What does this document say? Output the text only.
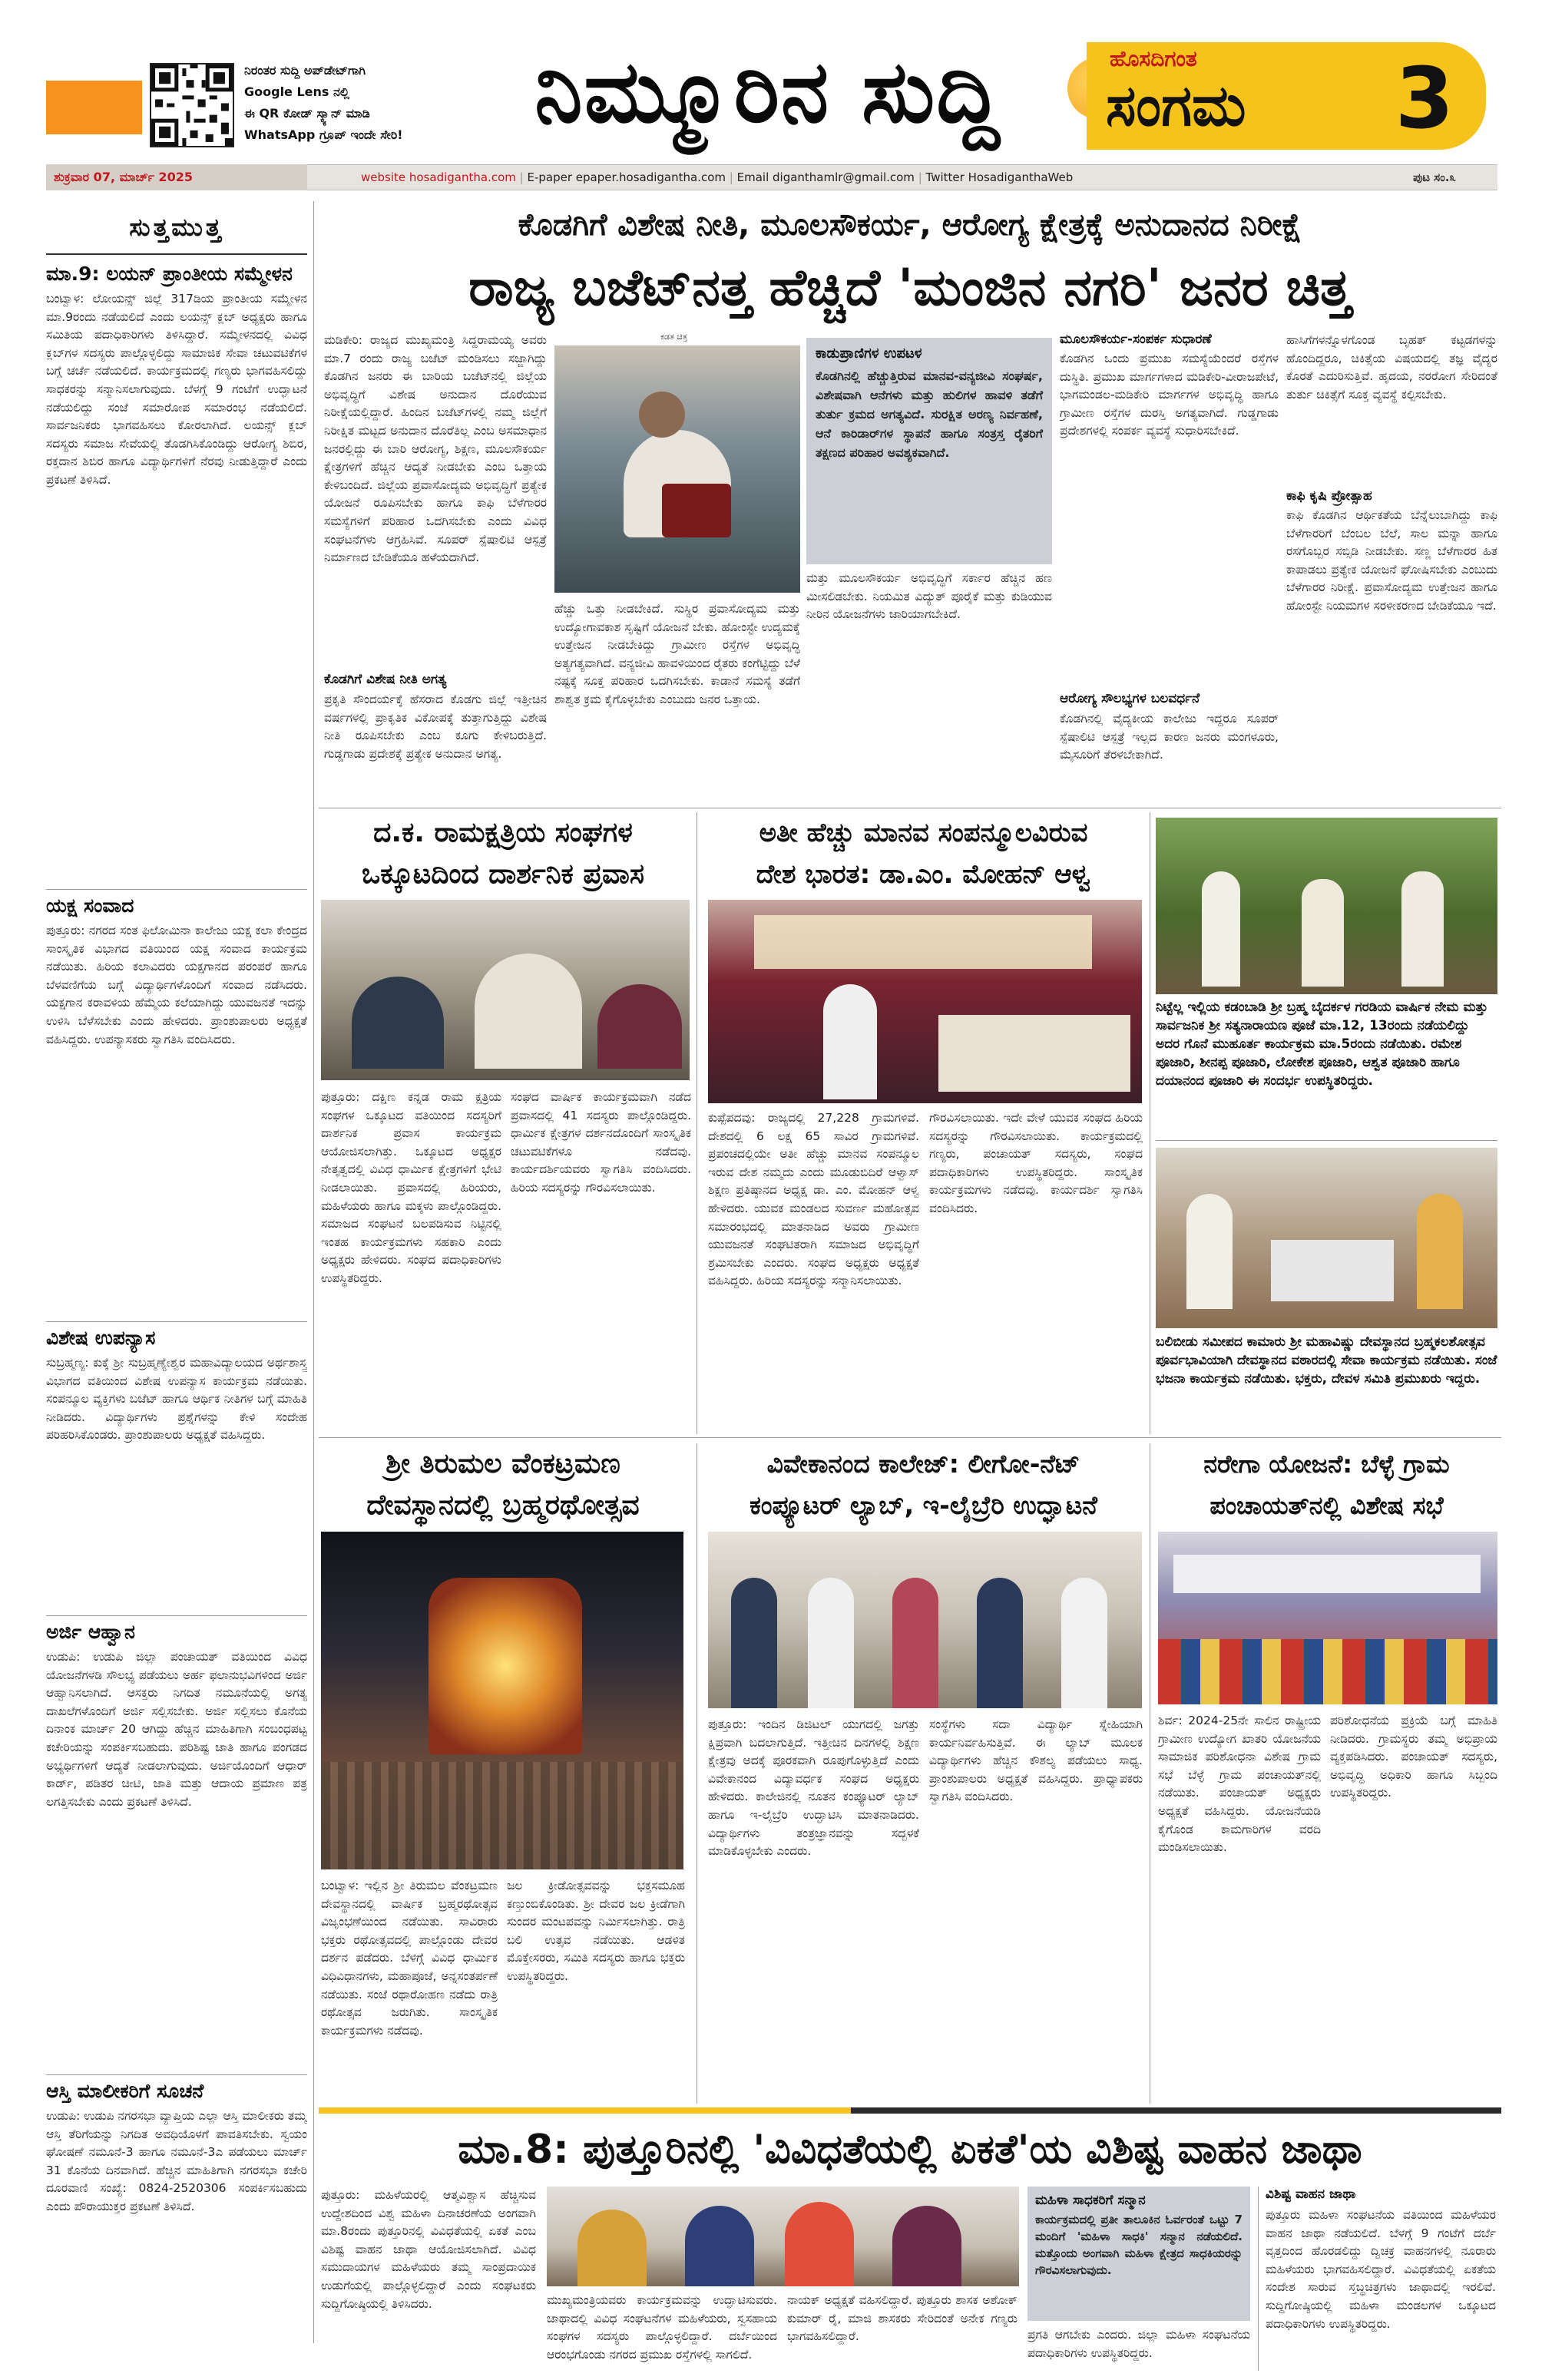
ನಿರಂತರ ಸುದ್ದಿ ಅಪ್‌ಡೇಟ್‌ಗಾಗಿ
Google Lens ನಲ್ಲಿ
ಈ QR ಕೋಡ್ ಸ್ಕ್ಯಾನ್ ಮಾಡಿ
WhatsApp ಗ್ರೂಪ್ ಇಂದೇ ಸೇರಿ!	ನಿಮ್ಮೂರಿನ ಸುದ್ದಿ	ಹೊಸದಿಗಂತ
ಸಂಗಮ 3
ಶುಕ್ರವಾರ 07, ಮಾರ್ಚ್ 2025	website hosadigantha.com | E-paper epaper.hosadigantha.com | Email diganthamlr@gmail.com | Twitter HosadiganthaWeb	ಪುಟ ಸಂ.೩
ಸುತ್ತಮುತ್ತ
ಮಾ.9: ಲಯನ್ ಪ್ರಾಂತೀಯ ಸಮ್ಮೇಳನ
ಬಂಟ್ವಾಳ: ಲೋಯನ್ಸ್ ಜಿಲ್ಲೆ 317ಡಿಯ ಪ್ರಾಂತೀಯ ಸಮ್ಮೇಳನ ಮಾ.9ರಂದು ನಡೆಯಲಿದೆ ಎಂದು ಲಯನ್ಸ್ ಕ್ಲಬ್ ಅಧ್ಯಕ್ಷರು ಹಾಗೂ ಸಮಿತಿಯ ಪದಾಧಿಕಾರಿಗಳು ತಿಳಿಸಿದ್ದಾರೆ. ಸಮ್ಮೇಳನದಲ್ಲಿ ವಿವಿಧ ಕ್ಲಬ್‌ಗಳ ಸದಸ್ಯರು ಪಾಲ್ಗೊಳ್ಳಲಿದ್ದು ಸಾಮಾಜಿಕ ಸೇವಾ ಚಟುವಟಿಕೆಗಳ ಬಗ್ಗೆ ಚರ್ಚೆ ನಡೆಯಲಿದೆ. ಕಾರ್ಯಕ್ರಮದಲ್ಲಿ ಗಣ್ಯರು ಭಾಗವಹಿಸಲಿದ್ದು ಸಾಧಕರನ್ನು ಸನ್ಮಾನಿಸಲಾಗುವುದು. ಬೆಳಗ್ಗೆ 9 ಗಂಟೆಗೆ ಉದ್ಘಾಟನೆ ನಡೆಯಲಿದ್ದು ಸಂಜೆ ಸಮಾರೋಪ ಸಮಾರಂಭ ನಡೆಯಲಿದೆ. ಸಾರ್ವಜನಿಕರು ಭಾಗವಹಿಸಲು ಕೋರಲಾಗಿದೆ. ಲಯನ್ಸ್ ಕ್ಲಬ್ ಸದಸ್ಯರು ಸಮಾಜ ಸೇವೆಯಲ್ಲಿ ತೊಡಗಿಸಿಕೊಂಡಿದ್ದು ಆರೋಗ್ಯ ಶಿಬಿರ, ರಕ್ತದಾನ ಶಿಬಿರ ಹಾಗೂ ವಿದ್ಯಾರ್ಥಿಗಳಿಗೆ ನೆರವು ನೀಡುತ್ತಿದ್ದಾರೆ ಎಂದು ಪ್ರಕಟಣೆ ತಿಳಿಸಿದೆ.
ಯಕ್ಷ ಸಂವಾದ
ಪುತ್ತೂರು: ನಗರದ ಸಂತ ಫಿಲೋಮಿನಾ ಕಾಲೇಜು ಯಕ್ಷ ಕಲಾ ಕೇಂದ್ರದ ಸಾಂಸ್ಕೃತಿಕ ವಿಭಾಗದ ವತಿಯಿಂದ ಯಕ್ಷ ಸಂವಾದ ಕಾರ್ಯಕ್ರಮ ನಡೆಯಿತು. ಹಿರಿಯ ಕಲಾವಿದರು ಯಕ್ಷಗಾನದ ಪರಂಪರೆ ಹಾಗೂ ಬೆಳವಣಿಗೆಯ ಬಗ್ಗೆ ವಿದ್ಯಾರ್ಥಿಗಳೊಂದಿಗೆ ಸಂವಾದ ನಡೆಸಿದರು. ಯಕ್ಷಗಾನ ಕರಾವಳಿಯ ಹೆಮ್ಮೆಯ ಕಲೆಯಾಗಿದ್ದು ಯುವಜನತೆ ಇದನ್ನು ಉಳಿಸಿ ಬೆಳೆಸಬೇಕು ಎಂದು ಹೇಳಿದರು. ಪ್ರಾಂಶುಪಾಲರು ಅಧ್ಯಕ್ಷತೆ ವಹಿಸಿದ್ದರು. ಉಪನ್ಯಾಸಕರು ಸ್ವಾಗತಿಸಿ ವಂದಿಸಿದರು.
ವಿಶೇಷ ಉಪನ್ಯಾಸ
ಸುಬ್ರಹ್ಮಣ್ಯ: ಕುಕ್ಕೆ ಶ್ರೀ ಸುಬ್ರಹ್ಮಣ್ಯೇಶ್ವರ ಮಹಾವಿದ್ಯಾಲಯದ ಅರ್ಥಶಾಸ್ತ್ರ ವಿಭಾಗದ ವತಿಯಿಂದ ವಿಶೇಷ ಉಪನ್ಯಾಸ ಕಾರ್ಯಕ್ರಮ ನಡೆಯಿತು. ಸಂಪನ್ಮೂಲ ವ್ಯಕ್ತಿಗಳು ಬಜೆಟ್ ಹಾಗೂ ಆರ್ಥಿಕ ನೀತಿಗಳ ಬಗ್ಗೆ ಮಾಹಿತಿ ನೀಡಿದರು. ವಿದ್ಯಾರ್ಥಿಗಳು ಪ್ರಶ್ನೆಗಳನ್ನು ಕೇಳಿ ಸಂದೇಹ ಪರಿಹರಿಸಿಕೊಂಡರು. ಪ್ರಾಂಶುಪಾಲರು ಅಧ್ಯಕ್ಷತೆ ವಹಿಸಿದ್ದರು.
ಅರ್ಜಿ ಆಹ್ವಾನ
ಉಡುಪಿ: ಉಡುಪಿ ಜಿಲ್ಲಾ ಪಂಚಾಯತ್ ವತಿಯಿಂದ ವಿವಿಧ ಯೋಜನೆಗಳಡಿ ಸೌಲಭ್ಯ ಪಡೆಯಲು ಅರ್ಹ ಫಲಾನುಭವಿಗಳಿಂದ ಅರ್ಜಿ ಆಹ್ವಾನಿಸಲಾಗಿದೆ. ಆಸಕ್ತರು ನಿಗದಿತ ನಮೂನೆಯಲ್ಲಿ ಅಗತ್ಯ ದಾಖಲೆಗಳೊಂದಿಗೆ ಅರ್ಜಿ ಸಲ್ಲಿಸಬೇಕು. ಅರ್ಜಿ ಸಲ್ಲಿಸಲು ಕೊನೆಯ ದಿನಾಂಕ ಮಾರ್ಚ್ 20 ಆಗಿದ್ದು ಹೆಚ್ಚಿನ ಮಾಹಿತಿಗಾಗಿ ಸಂಬಂಧಪಟ್ಟ ಕಚೇರಿಯನ್ನು ಸಂಪರ್ಕಿಸಬಹುದು. ಪರಿಶಿಷ್ಟ ಜಾತಿ ಹಾಗೂ ಪಂಗಡದ ಅಭ್ಯರ್ಥಿಗಳಿಗೆ ಆದ್ಯತೆ ನೀಡಲಾಗುವುದು. ಅರ್ಜಿಯೊಂದಿಗೆ ಆಧಾರ್ ಕಾರ್ಡ್, ಪಡಿತರ ಚೀಟಿ, ಜಾತಿ ಮತ್ತು ಆದಾಯ ಪ್ರಮಾಣ ಪತ್ರ ಲಗತ್ತಿಸಬೇಕು ಎಂದು ಪ್ರಕಟಣೆ ತಿಳಿಸಿದೆ.
ಆಸ್ತಿ ಮಾಲೀಕರಿಗೆ ಸೂಚನೆ
ಉಡುಪಿ: ಉಡುಪಿ ನಗರಸಭಾ ವ್ಯಾಪ್ತಿಯ ಎಲ್ಲಾ ಆಸ್ತಿ ಮಾಲೀಕರು ತಮ್ಮ ಆಸ್ತಿ ತೆರಿಗೆಯನ್ನು ನಿಗದಿತ ಅವಧಿಯೊಳಗೆ ಪಾವತಿಸಬೇಕು. ಸ್ವಯಂ ಘೋಷಣೆ ನಮೂನೆ-3 ಹಾಗೂ ನಮೂನೆ-3ಎ ಪಡೆಯಲು ಮಾರ್ಚ್ 31 ಕೊನೆಯ ದಿನವಾಗಿದೆ. ಹೆಚ್ಚಿನ ಮಾಹಿತಿಗಾಗಿ ನಗರಸಭಾ ಕಚೇರಿ ದೂರವಾಣಿ ಸಂಖ್ಯೆ: 0824-2520306 ಸಂಪರ್ಕಿಸಬಹುದು ಎಂದು ಪೌರಾಯುಕ್ತರ ಪ್ರಕಟಣೆ ತಿಳಿಸಿದೆ.
ಕೊಡಗಿಗೆ ವಿಶೇಷ ನೀತಿ, ಮೂಲಸೌಕರ್ಯ, ಆರೋಗ್ಯ ಕ್ಷೇತ್ರಕ್ಕೆ ಅನುದಾನದ ನಿರೀಕ್ಷೆ
ರಾಜ್ಯ ಬಜೆಟ್‌ನತ್ತ ಹೆಚ್ಚಿದೆ 'ಮಂಜಿನ ನಗರಿ' ಜನರ ಚಿತ್ತ
ಮಡಿಕೇರಿ: ರಾಜ್ಯದ ಮುಖ್ಯಮಂತ್ರಿ ಸಿದ್ದರಾಮಯ್ಯ ಅವರು ಮಾ.7 ರಂದು ರಾಜ್ಯ ಬಜೆಟ್ ಮಂಡಿಸಲು ಸಜ್ಜಾಗಿದ್ದು ಕೊಡಗಿನ ಜನರು ಈ ಬಾರಿಯ ಬಜೆಟ್‌ನಲ್ಲಿ ಜಿಲ್ಲೆಯ ಅಭಿವೃದ್ಧಿಗೆ ವಿಶೇಷ ಅನುದಾನ ದೊರೆಯುವ ನಿರೀಕ್ಷೆಯಲ್ಲಿದ್ದಾರೆ. ಹಿಂದಿನ ಬಜೆಟ್‌ಗಳಲ್ಲಿ ನಮ್ಮ ಜಿಲ್ಲೆಗೆ ನಿರೀಕ್ಷಿತ ಮಟ್ಟದ ಅನುದಾನ ದೊರೆತಿಲ್ಲ ಎಂಬ ಅಸಮಾಧಾನ ಜನರಲ್ಲಿದ್ದು ಈ ಬಾರಿ ಆರೋಗ್ಯ, ಶಿಕ್ಷಣ, ಮೂಲಸೌಕರ್ಯ ಕ್ಷೇತ್ರಗಳಿಗೆ ಹೆಚ್ಚಿನ ಆದ್ಯತೆ ನೀಡಬೇಕು ಎಂಬ ಒತ್ತಾಯ ಕೇಳಿಬಂದಿದೆ. ಜಿಲ್ಲೆಯ ಪ್ರವಾಸೋದ್ಯಮ ಅಭಿವೃದ್ಧಿಗೆ ಪ್ರತ್ಯೇಕ ಯೋಜನೆ ರೂಪಿಸಬೇಕು ಹಾಗೂ ಕಾಫಿ ಬೆಳೆಗಾರರ ಸಮಸ್ಯೆಗಳಿಗೆ ಪರಿಹಾರ ಒದಗಿಸಬೇಕು ಎಂದು ವಿವಿಧ ಸಂಘಟನೆಗಳು ಆಗ್ರಹಿಸಿವೆ. ಸೂಪರ್ ಸ್ಪೆಷಾಲಿಟಿ ಆಸ್ಪತ್ರೆ ನಿರ್ಮಾಣದ ಬೇಡಿಕೆಯೂ ಹಳೆಯದಾಗಿದೆ.
ಕೊಡಗಿಗೆ ವಿಶೇಷ ನೀತಿ ಅಗತ್ಯ
ಪ್ರಕೃತಿ ಸೌಂದರ್ಯಕ್ಕೆ ಹೆಸರಾದ ಕೊಡಗು ಜಿಲ್ಲೆ ಇತ್ತೀಚಿನ ವರ್ಷಗಳಲ್ಲಿ ಪ್ರಾಕೃತಿಕ ವಿಕೋಪಕ್ಕೆ ತುತ್ತಾಗುತ್ತಿದ್ದು ವಿಶೇಷ ನೀತಿ ರೂಪಿಸಬೇಕು ಎಂಬ ಕೂಗು ಕೇಳಿಬರುತ್ತಿದೆ. ಗುಡ್ಡಗಾಡು ಪ್ರದೇಶಕ್ಕೆ ಪ್ರತ್ಯೇಕ ಅನುದಾನ ಅಗತ್ಯ.
ಕಡತ ಚಿತ್ರ
ಹೆಚ್ಚು ಒತ್ತು ನೀಡಬೇಕಿದೆ. ಸುಸ್ಥಿರ ಪ್ರವಾಸೋದ್ಯಮ ಮತ್ತು ಉದ್ಯೋಗಾವಕಾಶ ಸೃಷ್ಟಿಗೆ ಯೋಜನೆ ಬೇಕು. ಹೋಂಸ್ಟೇ ಉದ್ಯಮಕ್ಕೆ ಉತ್ತೇಜನ ನೀಡಬೇಕಿದ್ದು ಗ್ರಾಮೀಣ ರಸ್ತೆಗಳ ಅಭಿವೃದ್ಧಿ ಅತ್ಯಗತ್ಯವಾಗಿದೆ. ವನ್ಯಜೀವಿ ಹಾವಳಿಯಿಂದ ರೈತರು ಕಂಗೆಟ್ಟಿದ್ದು ಬೆಳೆ ನಷ್ಟಕ್ಕೆ ಸೂಕ್ತ ಪರಿಹಾರ ಒದಗಿಸಬೇಕು. ಕಾಡಾನೆ ಸಮಸ್ಯೆ ತಡೆಗೆ ಶಾಶ್ವತ ಕ್ರಮ ಕೈಗೊಳ್ಳಬೇಕು ಎಂಬುದು ಜನರ ಒತ್ತಾಯ.
ಕಾಡುಪ್ರಾಣಿಗಳ ಉಪಟಳ
ಕೊಡಗಿನಲ್ಲಿ ಹೆಚ್ಚುತ್ತಿರುವ ಮಾನವ-ವನ್ಯಜೀವಿ ಸಂಘರ್ಷ, ವಿಶೇಷವಾಗಿ ಆನೆಗಳು ಮತ್ತು ಹುಲಿಗಳ ಹಾವಳಿ ತಡೆಗೆ ತುರ್ತು ಕ್ರಮದ ಅಗತ್ಯವಿದೆ. ಸುರಕ್ಷಿತ ಅರಣ್ಯ ನಿರ್ವಹಣೆ, ಆನೆ ಕಾರಿಡಾರ್‌ಗಳ ಸ್ಥಾಪನೆ ಹಾಗೂ ಸಂತ್ರಸ್ತ ರೈತರಿಗೆ ತಕ್ಷಣದ ಪರಿಹಾರ ಅವಶ್ಯಕವಾಗಿದೆ.
ಮತ್ತು ಮೂಲಸೌಕರ್ಯ ಅಭಿವೃದ್ಧಿಗೆ ಸರ್ಕಾರ ಹೆಚ್ಚಿನ ಹಣ ಮೀಸಲಿಡಬೇಕು. ನಿಯಮಿತ ವಿದ್ಯುತ್ ಪೂರೈಕೆ ಮತ್ತು ಕುಡಿಯುವ ನೀರಿನ ಯೋಜನೆಗಳು ಜಾರಿಯಾಗಬೇಕಿದೆ.
ಮೂಲಸೌಕರ್ಯ-ಸಂಪರ್ಕ ಸುಧಾರಣೆ
ಕೊಡಗಿನ ಒಂದು ಪ್ರಮುಖ ಸಮಸ್ಯೆಯೆಂದರೆ ರಸ್ತೆಗಳ ದುಸ್ಥಿತಿ. ಪ್ರಮುಖ ಮಾರ್ಗಗಳಾದ ಮಡಿಕೇರಿ-ವೀರಾಜಪೇಟೆ, ಭಾಗಮಂಡಲ-ಮಡಿಕೇರಿ ಮಾರ್ಗಗಳ ಅಭಿವೃದ್ಧಿ ಹಾಗೂ ಗ್ರಾಮೀಣ ರಸ್ತೆಗಳ ದುರಸ್ತಿ ಅಗತ್ಯವಾಗಿದೆ. ಗುಡ್ಡಗಾಡು ಪ್ರದೇಶಗಳಲ್ಲಿ ಸಂಪರ್ಕ ವ್ಯವಸ್ಥೆ ಸುಧಾರಿಸಬೇಕಿದೆ.
ಆರೋಗ್ಯ ಸೌಲಭ್ಯಗಳ ಬಲವರ್ಧನೆ
ಕೊಡಗಿನಲ್ಲಿ ವೈದ್ಯಕೀಯ ಕಾಲೇಜು ಇದ್ದರೂ ಸೂಪರ್ ಸ್ಪೆಷಾಲಿಟಿ ಆಸ್ಪತ್ರೆ ಇಲ್ಲದ ಕಾರಣ ಜನರು ಮಂಗಳೂರು, ಮೈಸೂರಿಗೆ ತೆರಳಬೇಕಾಗಿದೆ.
ಹಾಸಿಗೆಗಳನ್ನೊಳಗೊಂಡ ಬೃಹತ್ ಕಟ್ಟಡಗಳನ್ನು ಹೊಂದಿದ್ದರೂ, ಚಿಕಿತ್ಸೆಯ ವಿಷಯದಲ್ಲಿ ತಜ್ಞ ವೈದ್ಯರ ಕೊರತೆ ಎದುರಿಸುತ್ತಿವೆ. ಹೃದಯ, ನರರೋಗ ಸೇರಿದಂತೆ ತುರ್ತು ಚಿಕಿತ್ಸೆಗೆ ಸೂಕ್ತ ವ್ಯವಸ್ಥೆ ಕಲ್ಪಿಸಬೇಕು.
ಕಾಫಿ ಕೃಷಿ ಪ್ರೋತ್ಸಾಹ
ಕಾಫಿ ಕೊಡಗಿನ ಆರ್ಥಿಕತೆಯ ಬೆನ್ನೆಲುಬಾಗಿದ್ದು ಕಾಫಿ ಬೆಳೆಗಾರರಿಗೆ ಬೆಂಬಲ ಬೆಲೆ, ಸಾಲ ಮನ್ನಾ ಹಾಗೂ ರಸಗೊಬ್ಬರ ಸಬ್ಸಿಡಿ ನೀಡಬೇಕು. ಸಣ್ಣ ಬೆಳೆಗಾರರ ಹಿತ ಕಾಪಾಡಲು ಪ್ರತ್ಯೇಕ ಯೋಜನೆ ಘೋಷಿಸಬೇಕು ಎಂಬುದು ಬೆಳೆಗಾರರ ನಿರೀಕ್ಷೆ. ಪ್ರವಾಸೋದ್ಯಮ ಉತ್ತೇಜನ ಹಾಗೂ ಹೋಂಸ್ಟೇ ನಿಯಮಗಳ ಸರಳೀಕರಣದ ಬೇಡಿಕೆಯೂ ಇದೆ.
ದ.ಕ. ರಾಮಕ್ಷತ್ರಿಯ ಸಂಘಗಳ
ಒಕ್ಕೂಟದಿಂದ ದಾರ್ಶನಿಕ ಪ್ರವಾಸ
ಪುತ್ತೂರು: ದಕ್ಷಿಣ ಕನ್ನಡ ರಾಮ ಕ್ಷತ್ರಿಯ ಸಂಘಗಳ ಒಕ್ಕೂಟದ ವತಿಯಿಂದ ಸದಸ್ಯರಿಗೆ ದಾರ್ಶನಿಕ ಪ್ರವಾಸ ಕಾರ್ಯಕ್ರಮ ಆಯೋಜಿಸಲಾಗಿತ್ತು. ಒಕ್ಕೂಟದ ಅಧ್ಯಕ್ಷರ ನೇತೃತ್ವದಲ್ಲಿ ವಿವಿಧ ಧಾರ್ಮಿಕ ಕ್ಷೇತ್ರಗಳಿಗೆ ಭೇಟಿ ನೀಡಲಾಯಿತು. ಪ್ರವಾಸದಲ್ಲಿ ಹಿರಿಯರು, ಮಹಿಳೆಯರು ಹಾಗೂ ಮಕ್ಕಳು ಪಾಲ್ಗೊಂಡಿದ್ದರು. ಸಮಾಜದ ಸಂಘಟನೆ ಬಲಪಡಿಸುವ ನಿಟ್ಟಿನಲ್ಲಿ ಇಂತಹ ಕಾರ್ಯಕ್ರಮಗಳು ಸಹಕಾರಿ ಎಂದು ಅಧ್ಯಕ್ಷರು ಹೇಳಿದರು. ಸಂಘದ ಪದಾಧಿಕಾರಿಗಳು ಉಪಸ್ಥಿತರಿದ್ದರು.
ಸಂಘದ ವಾರ್ಷಿಕ ಕಾರ್ಯಕ್ರಮವಾಗಿ ನಡೆದ ಪ್ರವಾಸದಲ್ಲಿ 41 ಸದಸ್ಯರು ಪಾಲ್ಗೊಂಡಿದ್ದರು. ಧಾರ್ಮಿಕ ಕ್ಷೇತ್ರಗಳ ದರ್ಶನದೊಂದಿಗೆ ಸಾಂಸ್ಕೃತಿಕ ಚಟುವಟಿಕೆಗಳೂ ನಡೆದವು. ಕಾರ್ಯದರ್ಶಿಯವರು ಸ್ವಾಗತಿಸಿ ವಂದಿಸಿದರು. ಹಿರಿಯ ಸದಸ್ಯರನ್ನು ಗೌರವಿಸಲಾಯಿತು.
ಅತೀ ಹೆಚ್ಚು ಮಾನವ ಸಂಪನ್ಮೂಲವಿರುವ
ದೇಶ ಭಾರತ: ಡಾ.ಎಂ. ಮೋಹನ್ ಆಳ್ವ
ಕುಪ್ಪೆಪದವು: ರಾಜ್ಯದಲ್ಲಿ 27,228 ಗ್ರಾಮಗಳಿವೆ. ದೇಶದಲ್ಲಿ 6 ಲಕ್ಷ 65 ಸಾವಿರ ಗ್ರಾಮಗಳಿವೆ. ಪ್ರಪಂಚದಲ್ಲಿಯೇ ಅತೀ ಹೆಚ್ಚು ಮಾನವ ಸಂಪನ್ಮೂಲ ಇರುವ ದೇಶ ನಮ್ಮದು ಎಂದು ಮೂಡುಬಿದಿರೆ ಆಳ್ವಾಸ್ ಶಿಕ್ಷಣ ಪ್ರತಿಷ್ಠಾನದ ಅಧ್ಯಕ್ಷ ಡಾ. ಎಂ. ಮೋಹನ್ ಆಳ್ವ ಹೇಳಿದರು. ಯುವಕ ಮಂಡಲದ ಸುವರ್ಣ ಮಹೋತ್ಸವ ಸಮಾರಂಭದಲ್ಲಿ ಮಾತನಾಡಿದ ಅವರು ಗ್ರಾಮೀಣ ಯುವಜನತೆ ಸಂಘಟಿತರಾಗಿ ಸಮಾಜದ ಅಭಿವೃದ್ಧಿಗೆ ಶ್ರಮಿಸಬೇಕು ಎಂದರು. ಸಂಘದ ಅಧ್ಯಕ್ಷರು ಅಧ್ಯಕ್ಷತೆ ವಹಿಸಿದ್ದರು. ಹಿರಿಯ ಸದಸ್ಯರನ್ನು ಸನ್ಮಾನಿಸಲಾಯಿತು.
ಗೌರವಿಸಲಾಯಿತು. ಇದೇ ವೇಳೆ ಯುವಕ ಸಂಘದ ಹಿರಿಯ ಸದಸ್ಯರನ್ನು ಗೌರವಿಸಲಾಯಿತು. ಕಾರ್ಯಕ್ರಮದಲ್ಲಿ ಗಣ್ಯರು, ಪಂಚಾಯತ್ ಸದಸ್ಯರು, ಸಂಘದ ಪದಾಧಿಕಾರಿಗಳು ಉಪಸ್ಥಿತರಿದ್ದರು. ಸಾಂಸ್ಕೃತಿಕ ಕಾರ್ಯಕ್ರಮಗಳು ನಡೆದವು. ಕಾರ್ಯದರ್ಶಿ ಸ್ವಾಗತಿಸಿ ವಂದಿಸಿದರು.
ನಿಟ್ಟೆಲ್ಲ ಇಲ್ಲಿಯ ಕಡಂಬಾಡಿ ಶ್ರೀ ಬ್ರಹ್ಮ ಬೈದರ್ಕಳ ಗರಡಿಯ ವಾರ್ಷಿಕ ನೇಮ ಮತ್ತು ಸಾರ್ವಜನಿಕ ಶ್ರೀ ಸತ್ಯನಾರಾಯಣ ಪೂಜೆ ಮಾ.12, 13ರಂದು ನಡೆಯಲಿದ್ದು ಅದರ ಗೊನೆ ಮುಹೂರ್ತ ಕಾರ್ಯಕ್ರಮ ಮಾ.5ರಂದು ನಡೆಯಿತು. ರಮೇಶ ಪೂಜಾರಿ, ಶೀನಪ್ಪ ಪೂಜಾರಿ, ಲೋಕೇಶ ಪೂಜಾರಿ, ಆಶ್ವತ ಪೂಜಾರಿ ಹಾಗೂ ದಯಾನಂದ ಪೂಜಾರಿ ಈ ಸಂದರ್ಭ ಉಪಸ್ಥಿತರಿದ್ದರು.
ಬಲಿಬೀಡು ಸಮೀಪದ ಕಾಮಾರು ಶ್ರೀ ಮಹಾವಿಷ್ಣು ದೇವಸ್ಥಾನದ ಬ್ರಹ್ಮಕಲಶೋತ್ಸವ ಪೂರ್ವಭಾವಿಯಾಗಿ ದೇವಸ್ಥಾನದ ವಠಾರದಲ್ಲಿ ಸೇವಾ ಕಾರ್ಯಕ್ರಮ ನಡೆಯಿತು. ಸಂಜೆ ಭಜನಾ ಕಾರ್ಯಕ್ರಮ ನಡೆಯಿತು. ಭಕ್ತರು, ದೇವಳ ಸಮಿತಿ ಪ್ರಮುಖರು ಇದ್ದರು.
ಶ್ರೀ ತಿರುಮಲ ವೆಂಕಟ್ರಮಣ
ದೇವಸ್ಥಾನದಲ್ಲಿ ಬ್ರಹ್ಮರಥೋತ್ಸವ
ವಿವೇಕಾನಂದ ಕಾಲೇಜ್: ಲೀಗೋ-ನೆಟ್
ಕಂಪ್ಯೂಟರ್ ಲ್ಯಾಬ್, ಇ-ಲೈಬ್ರೆರಿ ಉದ್ಘಾಟನೆ
ಪುತ್ತೂರು: ಇಂದಿನ ಡಿಜಿಟಲ್ ಯುಗದಲ್ಲಿ ಜಗತ್ತು ಕ್ಷಿಪ್ರವಾಗಿ ಬದಲಾಗುತ್ತಿದೆ. ಇತ್ತೀಚಿನ ದಿನಗಳಲ್ಲಿ ಶಿಕ್ಷಣ ಕ್ಷೇತ್ರವು ಅದಕ್ಕೆ ಪೂರಕವಾಗಿ ರೂಪುಗೊಳ್ಳುತ್ತಿದೆ ಎಂದು ವಿವೇಕಾನಂದ ವಿದ್ಯಾವರ್ಧಕ ಸಂಘದ ಅಧ್ಯಕ್ಷರು ಹೇಳಿದರು. ಕಾಲೇಜಿನಲ್ಲಿ ನೂತನ ಕಂಪ್ಯೂಟರ್ ಲ್ಯಾಬ್ ಹಾಗೂ ಇ-ಲೈಬ್ರೆರಿ ಉದ್ಘಾಟಿಸಿ ಮಾತನಾಡಿದರು. ವಿದ್ಯಾರ್ಥಿಗಳು ತಂತ್ರಜ್ಞಾನವನ್ನು ಸದ್ಬಳಕೆ ಮಾಡಿಕೊಳ್ಳಬೇಕು ಎಂದರು.
ಸಂಸ್ಥೆಗಳು ಸದಾ ವಿದ್ಯಾರ್ಥಿ ಸ್ನೇಹಿಯಾಗಿ ಕಾರ್ಯನಿರ್ವಹಿಸುತ್ತಿವೆ. ಈ ಲ್ಯಾಬ್ ಮೂಲಕ ವಿದ್ಯಾರ್ಥಿಗಳು ಹೆಚ್ಚಿನ ಕೌಶಲ್ಯ ಪಡೆಯಲು ಸಾಧ್ಯ. ಪ್ರಾಂಶುಪಾಲರು ಅಧ್ಯಕ್ಷತೆ ವಹಿಸಿದ್ದರು. ಪ್ರಾಧ್ಯಾಪಕರು ಸ್ವಾಗತಿಸಿ ವಂದಿಸಿದರು.
ನರೇಗಾ ಯೋಜನೆ: ಬೆಳ್ಳೆ ಗ್ರಾಮ
ಪಂಚಾಯತ್‌ನಲ್ಲಿ ವಿಶೇಷ ಸಭೆ
ಶಿರ್ವ: 2024-25ನೇ ಸಾಲಿನ ರಾಷ್ಟ್ರೀಯ ಗ್ರಾಮೀಣ ಉದ್ಯೋಗ ಖಾತರಿ ಯೋಜನೆಯ ಸಾಮಾಜಿಕ ಪರಿಶೋಧನಾ ವಿಶೇಷ ಗ್ರಾಮ ಸಭೆ ಬೆಳ್ಳೆ ಗ್ರಾಮ ಪಂಚಾಯತ್‌ನಲ್ಲಿ ನಡೆಯಿತು. ಪಂಚಾಯತ್ ಅಧ್ಯಕ್ಷರು ಅಧ್ಯಕ್ಷತೆ ವಹಿಸಿದ್ದರು. ಯೋಜನೆಯಡಿ ಕೈಗೊಂಡ ಕಾಮಗಾರಿಗಳ ವರದಿ ಮಂಡಿಸಲಾಯಿತು.
ಪರಿಶೋಧನೆಯ ಪ್ರಕ್ರಿಯೆ ಬಗ್ಗೆ ಮಾಹಿತಿ ನೀಡಿದರು. ಗ್ರಾಮಸ್ಥರು ತಮ್ಮ ಅಭಿಪ್ರಾಯ ವ್ಯಕ್ತಪಡಿಸಿದರು. ಪಂಚಾಯತ್ ಸದಸ್ಯರು, ಅಭಿವೃದ್ಧಿ ಅಧಿಕಾರಿ ಹಾಗೂ ಸಿಬ್ಬಂದಿ ಉಪಸ್ಥಿತರಿದ್ದರು.
ಬಂಟ್ವಾಳ: ಇಲ್ಲಿನ ಶ್ರೀ ತಿರುಮಲ ವೆಂಕಟ್ರಮಣ ದೇವಸ್ಥಾನದಲ್ಲಿ ವಾರ್ಷಿಕ ಬ್ರಹ್ಮರಥೋತ್ಸವ ವಿಜೃಂಭಣೆಯಿಂದ ನಡೆಯಿತು. ಸಾವಿರಾರು ಭಕ್ತರು ರಥೋತ್ಸವದಲ್ಲಿ ಪಾಲ್ಗೊಂಡು ದೇವರ ದರ್ಶನ ಪಡೆದರು. ಬೆಳಗ್ಗೆ ವಿವಿಧ ಧಾರ್ಮಿಕ ವಿಧಿವಿಧಾನಗಳು, ಮಹಾಪೂಜೆ, ಅನ್ನಸಂತರ್ಪಣೆ ನಡೆಯಿತು. ಸಂಜೆ ರಥಾರೋಹಣ ನಡೆದು ರಾತ್ರಿ ರಥೋತ್ಸವ ಜರುಗಿತು. ಸಾಂಸ್ಕೃತಿಕ ಕಾರ್ಯಕ್ರಮಗಳು ನಡೆದವು.
ಜಲ ಕ್ರೀಡೋತ್ಸವವನ್ನು ಭಕ್ತಸಮೂಹ ಕಣ್ತುಂಬಿಕೊಂಡಿತು. ಶ್ರೀ ದೇವರ ಜಲ ಕ್ರೀಡೆಗಾಗಿ ಸುಂದರ ಮಂಟಪವನ್ನು ನಿರ್ಮಿಸಲಾಗಿತ್ತು. ರಾತ್ರಿ ಬಲಿ ಉತ್ಸವ ನಡೆಯಿತು. ಆಡಳಿತ ಮೊಕ್ತೇಸರರು, ಸಮಿತಿ ಸದಸ್ಯರು ಹಾಗೂ ಭಕ್ತರು ಉಪಸ್ಥಿತರಿದ್ದರು.
ಮಾ.8: ಪುತ್ತೂರಿನಲ್ಲಿ 'ವಿವಿಧತೆಯಲ್ಲಿ ಏಕತೆ'ಯ ವಿಶಿಷ್ಟ ವಾಹನ ಜಾಥಾ
ಪುತ್ತೂರು: ಮಹಿಳೆಯರಲ್ಲಿ ಆತ್ಮವಿಶ್ವಾಸ ಹೆಚ್ಚಿಸುವ ಉದ್ದೇಶದಿಂದ ವಿಶ್ವ ಮಹಿಳಾ ದಿನಾಚರಣೆಯ ಅಂಗವಾಗಿ ಮಾ.8ರಂದು ಪುತ್ತೂರಿನಲ್ಲಿ ವಿವಿಧತೆಯಲ್ಲಿ ಏಕತೆ ಎಂಬ ವಿಶಿಷ್ಟ ವಾಹನ ಜಾಥಾ ಆಯೋಜಿಸಲಾಗಿದೆ. ವಿವಿಧ ಸಮುದಾಯಗಳ ಮಹಿಳೆಯರು ತಮ್ಮ ಸಾಂಪ್ರದಾಯಿಕ ಉಡುಗೆಯಲ್ಲಿ ಪಾಲ್ಗೊಳ್ಳಲಿದ್ದಾರೆ ಎಂದು ಸಂಘಟಕರು ಸುದ್ದಿಗೋಷ್ಠಿಯಲ್ಲಿ ತಿಳಿಸಿದರು.	ಮುಖ್ಯಮಂತ್ರಿಯವರು ಕಾರ್ಯಕ್ರಮವನ್ನು ಉದ್ಘಾಟಿಸುವರು. ಜಾಥಾದಲ್ಲಿ ವಿವಿಧ ಸಂಘಟನೆಗಳ ಮಹಿಳೆಯರು, ಸ್ವಸಹಾಯ ಸಂಘಗಳ ಸದಸ್ಯರು ಪಾಲ್ಗೊಳ್ಳಲಿದ್ದಾರೆ. ದರ್ಬೆಯಿಂದ ಆರಂಭಗೊಂಡು ನಗರದ ಪ್ರಮುಖ ರಸ್ತೆಗಳಲ್ಲಿ ಸಾಗಲಿದೆ.
ನಾಯಕ್ ಅಧ್ಯಕ್ಷತೆ ವಹಿಸಲಿದ್ದಾರೆ. ಪುತ್ತೂರು ಶಾಸಕ ಅಶೋಕ್ ಕುಮಾರ್ ರೈ, ಮಾಜಿ ಶಾಸಕರು ಸೇರಿದಂತೆ ಅನೇಕ ಗಣ್ಯರು ಭಾಗವಹಿಸಲಿದ್ದಾರೆ.
ಮಹಿಳಾ ಸಾಧಕರಿಗೆ ಸನ್ಮಾನ
ಕಾರ್ಯಕ್ರಮದಲ್ಲಿ ಪ್ರತೀ ತಾಲೂಕಿನ ಓರ್ವರಂತೆ ಒಟ್ಟು 7 ಮಂದಿಗೆ 'ಮಹಿಳಾ ಸಾಧಕಿ' ಸನ್ಮಾನ ನಡೆಯಲಿದೆ. ಮತ್ತೊಂದು ಅಂಗವಾಗಿ ಮಹಿಳಾ ಕ್ಷೇತ್ರದ ಸಾಧಕಿಯರನ್ನು ಗೌರವಿಸಲಾಗುವುದು.
ಪ್ರಗತಿ ಆಗಬೇಕು ಎಂದರು. ಜಿಲ್ಲಾ ಮಹಿಳಾ ಸಂಘಟನೆಯ ಪದಾಧಿಕಾರಿಗಳು ಉಪಸ್ಥಿತರಿದ್ದರು.
ವಿಶಿಷ್ಟ ವಾಹನ ಜಾಥಾ
ಪುತ್ತೂರು ಮಹಿಳಾ ಸಂಘಟನೆಯ ವತಿಯಿಂದ ಮಹಿಳೆಯರ ವಾಹನ ಜಾಥಾ ನಡೆಯಲಿದೆ. ಬೆಳಗ್ಗೆ 9 ಗಂಟೆಗೆ ದರ್ಬೆ ವೃತ್ತದಿಂದ ಹೊರಡಲಿದ್ದು ದ್ವಿಚಕ್ರ ವಾಹನಗಳಲ್ಲಿ ನೂರಾರು ಮಹಿಳೆಯರು ಭಾಗವಹಿಸಲಿದ್ದಾರೆ. ವಿವಿಧತೆಯಲ್ಲಿ ಏಕತೆಯ ಸಂದೇಶ ಸಾರುವ ಸ್ತಬ್ಧಚಿತ್ರಗಳು ಜಾಥಾದಲ್ಲಿ ಇರಲಿವೆ. ಸುದ್ದಿಗೋಷ್ಠಿಯಲ್ಲಿ ಮಹಿಳಾ ಮಂಡಲಗಳ ಒಕ್ಕೂಟದ ಪದಾಧಿಕಾರಿಗಳು ಉಪಸ್ಥಿತರಿದ್ದರು.
